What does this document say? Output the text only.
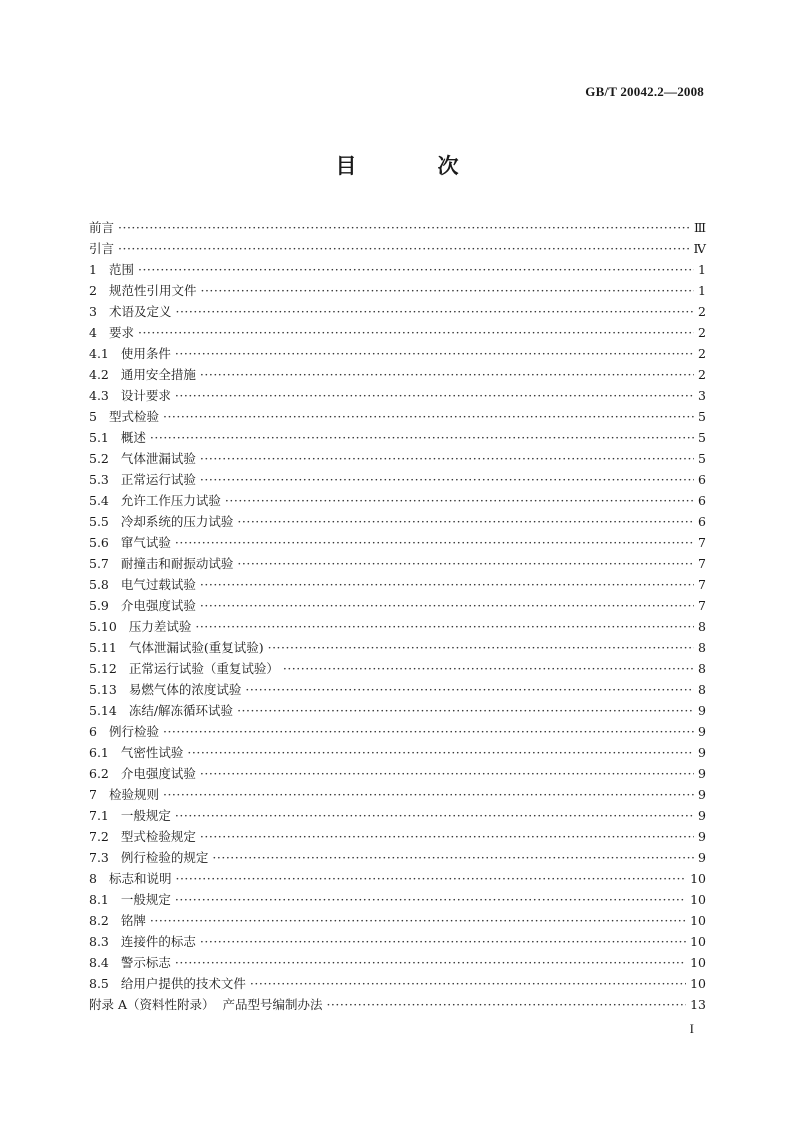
GB/T 20042.2—2008
目　次
前言 ·····	Ⅲ
引言 ·····	Ⅳ
1 范围 ·····	1
2 规范性引用文件 ·····	1
3 术语及定义 ·····	2
4 要求 ·····	2
4.1 使用条件 ·····	2
4.2 通用安全措施 ·····	2
4.3 设计要求 ·····	3
5 型式检验 ·····	5
5.1 概述 ·····	5
5.2 气体泄漏试验 ·····	5
5.3 正常运行试验 ·····	6
5.4 允许工作压力试验 ·····	6
5.5 冷却系统的压力试验 ·····	6
5.6 窜气试验 ·····	7
5.7 耐撞击和耐振动试验 ·····	7
5.8 电气过载试验 ·····	7
5.9 介电强度试验 ·····	7
5.10 压力差试验 ·····	8
5.11 气体泄漏试验(重复试验) ·····	8
5.12 正常运行试验（重复试验） ·····	8
5.13 易燃气体的浓度试验 ·····	8
5.14 冻结/解冻循环试验 ·····	9
6 例行检验 ·····	9
6.1 气密性试验 ·····	9
6.2 介电强度试验 ·····	9
7 检验规则 ·····	9
7.1 一般规定 ·····	9
7.2 型式检验规定 ·····	9
7.3 例行检验的规定 ·····	9
8 标志和说明 ·····	10
8.1 一般规定 ·····	10
8.2 铭牌 ·····	10
8.3 连接件的标志 ·····	10
8.4 警示标志 ·····	10
8.5 给用户提供的技术文件 ·····	10
附录 A（资料性附录）  产品型号编制办法 ·····	13
I
